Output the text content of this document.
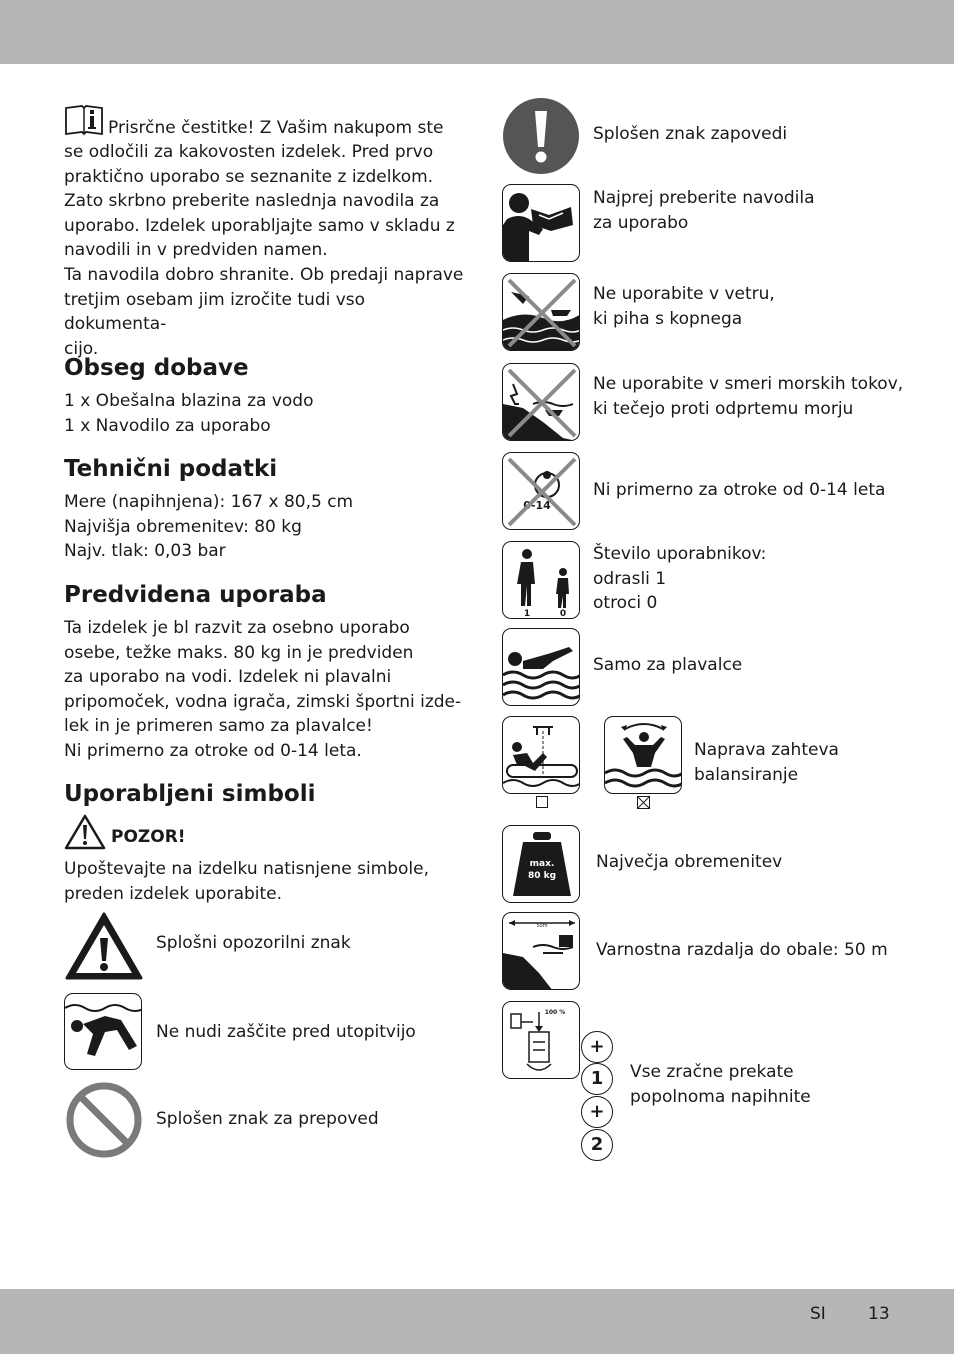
Prisrčne čestitke! Z Vašim nakupom ste
se odločili za kakovosten izdelek. Pred prvo
praktično uporabo se seznanite z izdelkom.
Zato skrbno preberite naslednja navodila za
uporabo. Izdelek uporabljajte samo v skladu z
navodili in v predviden namen.
Ta navodila dobro shranite. Ob predaji naprave
tretjim osebam jim izročite tudi vso dokumenta-
cijo.
Obseg dobave
1 x Obešalna blazina za vodo
1 x Navodilo za uporabo
Tehnični podatki
Mere (napihnjena): 167 x 80,5 cm
Najvišja obremenitev: 80 kg
Najv. tlak: 0,03 bar
Predvidena uporaba
Ta izdelek je bl razvit za osebno uporabo
osebe, težke maks. 80 kg in je predviden
za uporabo na vodi. Izdelek ni plavalni
pripomoček, vodna igrača, zimski športni izde-
lek in je primeren samo za plavalce!
Ni primerno za otroke od 0-14 leta.
Uporabljeni simboli
POZOR!
Upoštevajte na izdelku natisnjene simbole,
preden izdelek uporabite.
Splošni opozorilni znak
Ne nudi zaščite pred utopitvijo
Splošen znak za prepoved
Splošen znak zapovedi
Najprej preberite navodila
za uporabo
Ne uporabite v vetru,
ki piha s kopnega
Ne uporabite v smeri morskih tokov,
ki tečejo proti odprtemu morju
0-14
Ni primerno za otroke od 0-14 leta
1	0
Število uporabnikov:
odrasli 1
otroci 0
Samo za plavalce
Naprava zahteva
balansiranje
max.
80 kg
Največja obremenitev
50m
Varnostna razdalja do obale: 50 m
100 %
+
1
+
2
Vse zračne prekate
popolnoma napihnite
SI 13
